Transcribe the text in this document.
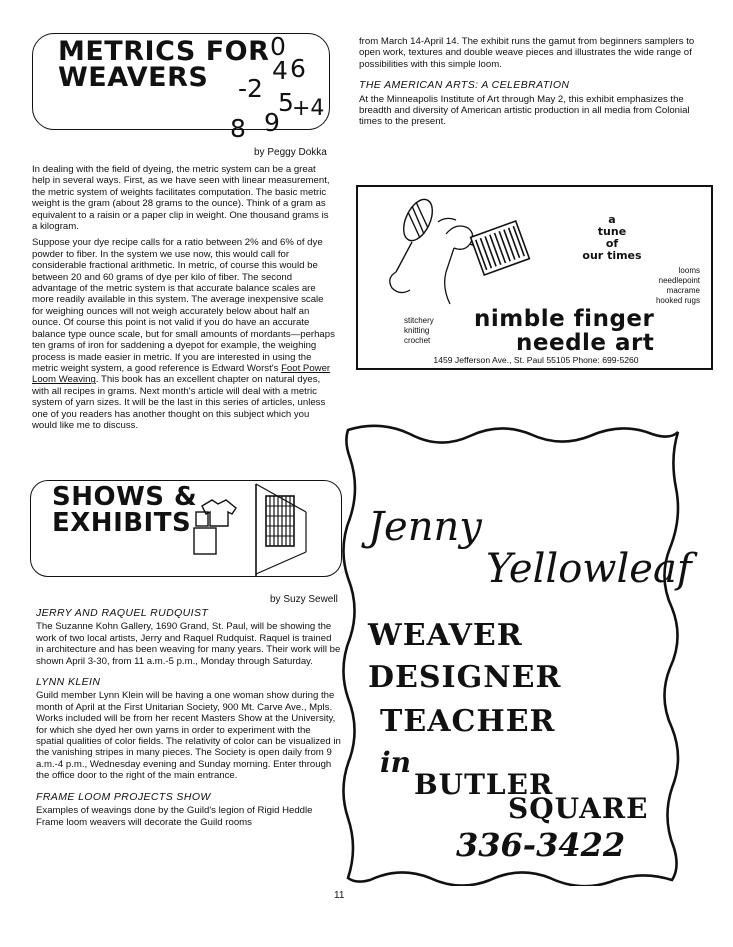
METRICS FOR
WEAVERS
0
6
4
-2 5
+4
8 9
by Peggy Dokka

In dealing with the field of dyeing, the metric system can be a great help in several ways. First, as we have seen with linear measurement, the metric system of weights facilitates computation. The basic metric weight is the gram (about 28 grams to the ounce). Think of a gram as equivalent to a raisin or a paper clip in weight. One thousand grams is a kilogram.

Suppose your dye recipe calls for a ratio between 2% and 6% of dye powder to fiber. In the system we use now, this would call for considerable fractional arithmetic. In metric, of course this would be between 20 and 60 grams of dye per kilo of fiber. The second advantage of the metric system is that accurate balance scales are more readily available in this system. The average inexpensive scale for weighing ounces will not weigh accurately below about half an ounce. Of course this point is not valid if you do have an accurate balance type ounce scale, but for small amounts of mordants—perhaps ten grams of iron for saddening a dyepot for example, the weighing process is made easier in metric. If you are interested in using the metric weight system, a good reference is Edward Worst's Foot Power Loom Weaving. This book has an excellent chapter on natural dyes, with all recipes in grams. Next month's article will deal with a metric system of yarn sizes. It will be the last in this series of articles, unless one of you readers has another thought on this subject which you would like me to discuss.

SHOWS &
EXHIBITS
by Suzy Sewell
JERRY AND RAQUEL RUDQUIST

The Suzanne Kohn Gallery, 1690 Grand, St. Paul, will be showing the work of two local artists, Jerry and Raquel Rudquist. Raquel is trained in architecture and has been weaving for many years. Their work will be shown April 3-30, from 11 a.m.-5 p.m., Monday through Saturday.

LYNN KLEIN

Guild member Lynn Klein will be having a one woman show during the month of April at the First Unitarian Society, 900 Mt. Carve Ave., Mpls. Works included will be from her recent Masters Show at the University, for which she dyed her own yarns in order to experiment with the spatial qualities of color fields. The relativity of color can be visualized in the vanishing stripes in many pieces. The Society is open daily from 9 a.m.-4 p.m., Wednesday evening and Sunday morning. Enter through the office door to the right of the main entrance.

FRAME LOOM PROJECTS SHOW

Examples of weavings done by the Guild's legion of Rigid Heddle Frame loom weavers will decorate the Guild rooms

from March 14-April 14. The exhibit runs the gamut from beginners samplers to open work, textures and double weave pieces and illustrates the wide range of possibilities with this simple loom.

THE AMERICAN ARTS: A CELEBRATION

At the Minneapolis Institute of Art through May 2, this exhibit emphasizes the breadth and diversity of American artistic production in all media from Colonial times to the present.

a
tune
of
our times
looms
needlepoint
macrame
hooked rugs
stitchery
knitting
crochet
nimble finger
needle art
1459 Jefferson Ave., St. Paul 55105 Phone: 699-5260
Jenny
Yellowleaf
WEAVER
DESIGNER
TEACHER
in
BUTLER
SQUARE
336-3422
11
